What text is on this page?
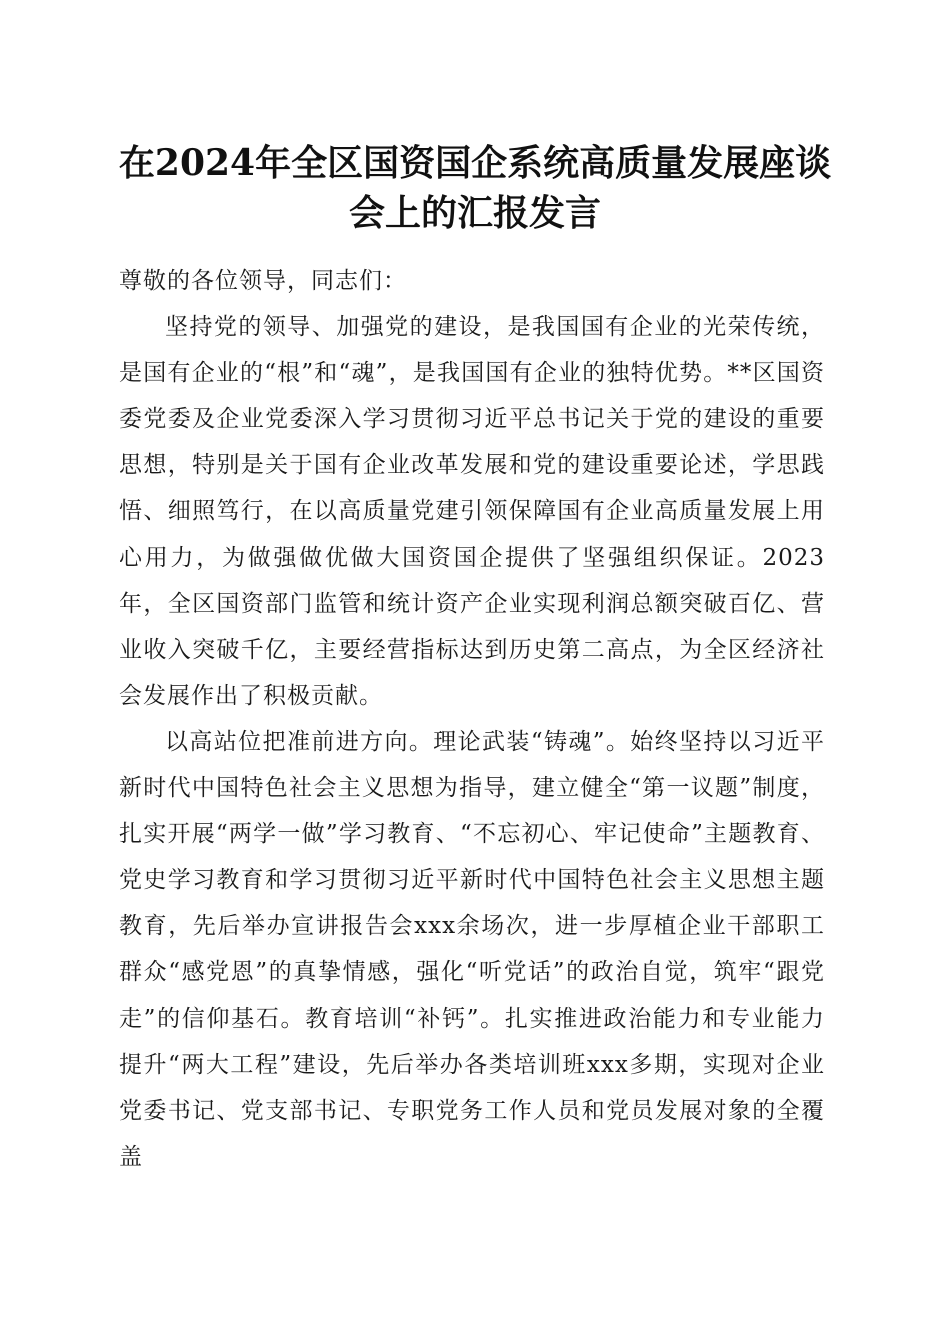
在2024年全区国资国企系统高质量发展座谈会上的汇报发言

尊敬的各位领导，同志们：

坚持党的领导、加强党的建设，是我国国有企业的光荣传统，是国有企业的“根”和“魂”，是我国国有企业的独特优势。**区国资委党委及企业党委深入学习贯彻习近平总书记关于党的建设的重要思想，特别是关于国有企业改革发展和党的建设重要论述，学思践悟、细照笃行，在以高质量党建引领保障国有企业高质量发展上用心用力，为做强做优做大国资国企提供了坚强组织保证。2023年，全区国资部门监管和统计资产企业实现利润总额突破百亿、营业收入突破千亿，主要经营指标达到历史第二高点，为全区经济社会发展作出了积极贡献。

以高站位把准前进方向。理论武装“铸魂”。始终坚持以习近平新时代中国特色社会主义思想为指导，建立健全“第一议题”制度，扎实开展“两学一做”学习教育、“不忘初心、牢记使命”主题教育、党史学习教育和学习贯彻习近平新时代中国特色社会主义思想主题教育，先后举办宣讲报告会xxx余场次，进一步厚植企业干部职工群众“感党恩”的真挚情感，强化“听党话”的政治自觉，筑牢“跟党走”的信仰基石。教育培训“补钙”。扎实推进政治能力和专业能力提升“两大工程”建设，先后举办各类培训班xxx多期，实现对企业党委书记、党支部书记、专职党务工作人员和党员发展对象的全覆盖
